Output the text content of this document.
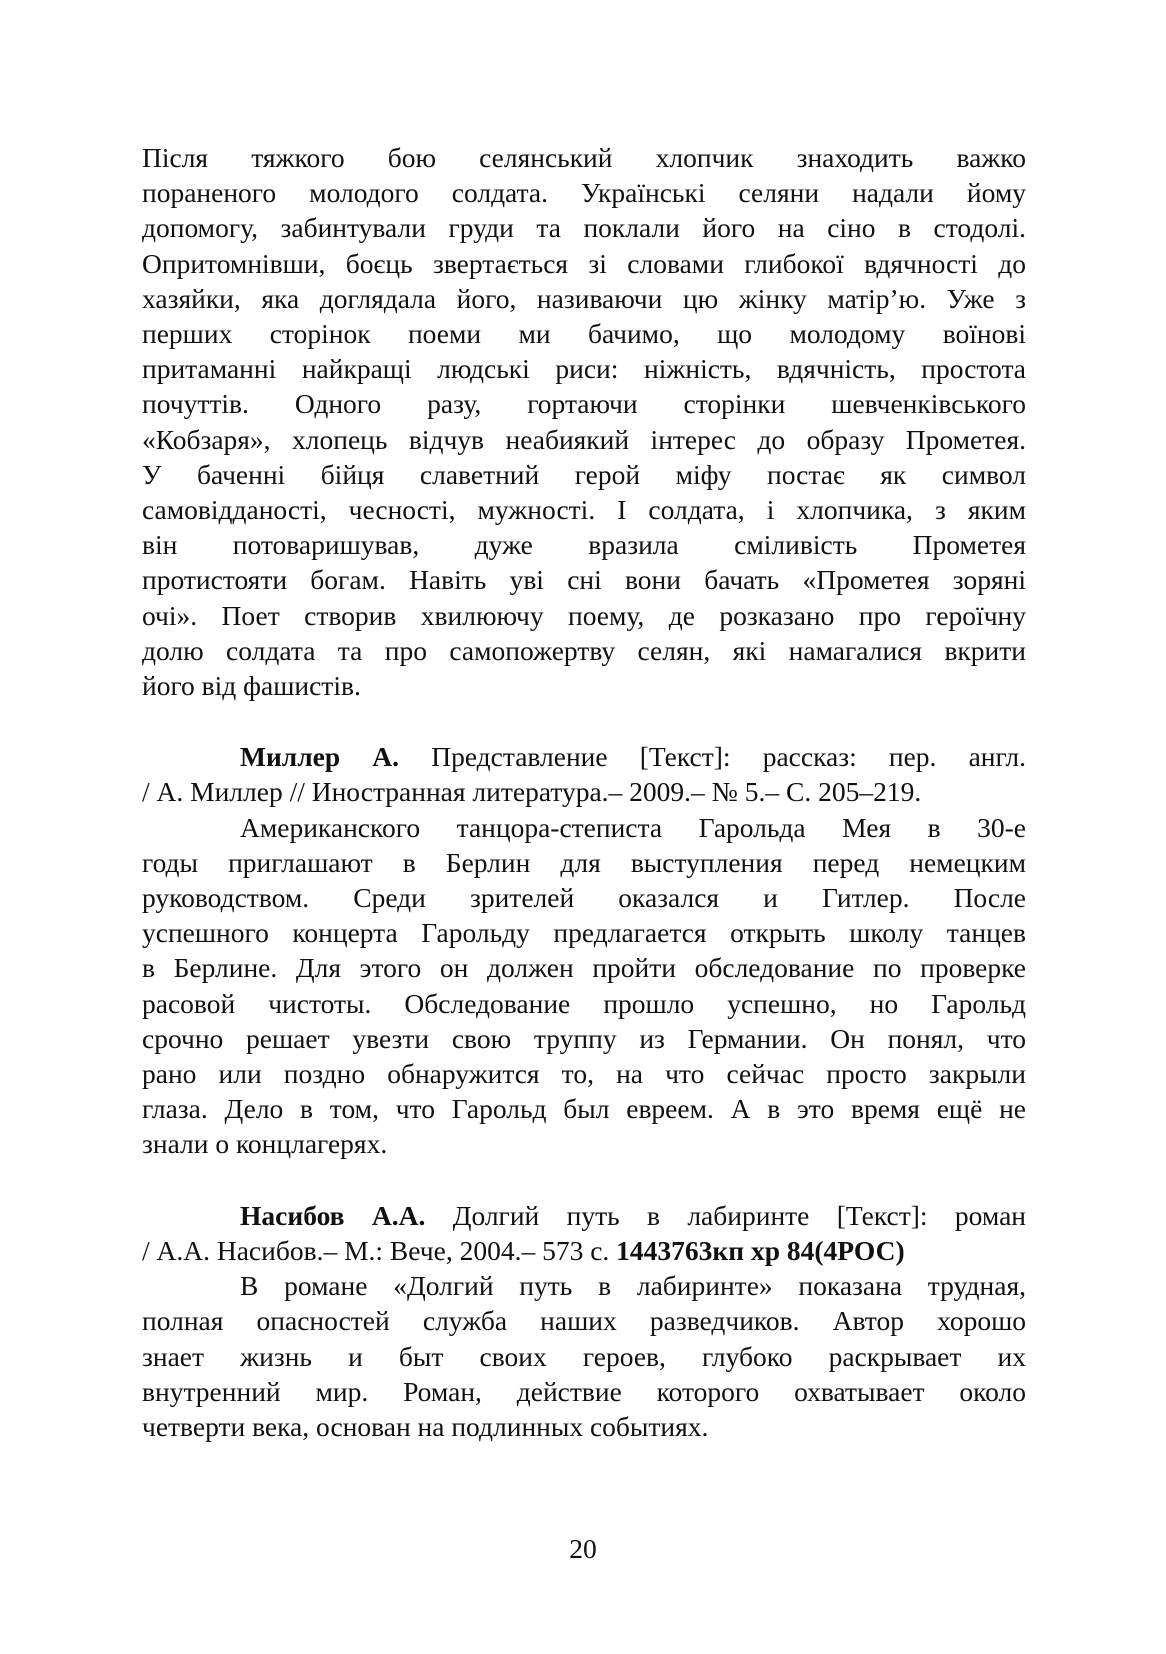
Після тяжкого бою селянський хлопчик знаходить важко
пораненого молодого солдата. Українські селяни надали йому
допомогу, забинтували груди та поклали його на сіно в стодолі.
Опритомнівши, боєць звертається зі словами глибокої вдячності до
хазяйки, яка доглядала його, називаючи цю жінку матір’ю. Уже з
перших сторінок поеми ми бачимо, що молодому воїнові
притаманні найкращі людські риси: ніжність, вдячність, простота
почуттів. Одного разу, гортаючи сторінки шевченківського
«Кобзаря», хлопець відчув неабиякий інтерес до образу Прометея.
У баченні бійця славетний герой міфу постає як символ
самовідданості, чесності, мужності. І солдата, і хлопчика, з яким
він потоваришував, дуже вразила сміливість Прометея
протистояти богам. Навіть уві сні вони бачать «Прометея зоряні
очі». Поет створив хвилюючу поему, де розказано про героїчну
долю солдата та про самопожертву селян, які намагалися вкрити
його від фашистів.
Миллер А. Представление [Текст]: рассказ: пер. англ.
/ А. Миллер // Иностранная литература.– 2009.– № 5.– С. 205–219.
Американского танцора-степиста Гарольда Мея в 30-е
годы приглашают в Берлин для выступления перед немецким
руководством. Среди зрителей оказался и Гитлер. После
успешного концерта Гарольду предлагается открыть школу танцев
в Берлине. Для этого он должен пройти обследование по проверке
расовой чистоты. Обследование прошло успешно, но Гарольд
срочно решает увезти свою труппу из Германии. Он понял, что
рано или поздно обнаружится то, на что сейчас просто закрыли
глаза. Дело в том, что Гарольд был евреем. А в это время ещё не
знали о концлагерях.
Насибов А.А. Долгий путь в лабиринте [Текст]: роман
/ А.А. Насибов.– М.: Вече, 2004.– 573 с. 1443763кп хр 84(4РОС)
В романе «Долгий путь в лабиринте» показана трудная,
полная опасностей служба наших разведчиков. Автор хорошо
знает жизнь и быт своих героев, глубоко раскрывает их
внутренний мир. Роман, действие которого охватывает около
четверти века, основан на подлинных событиях.
20
